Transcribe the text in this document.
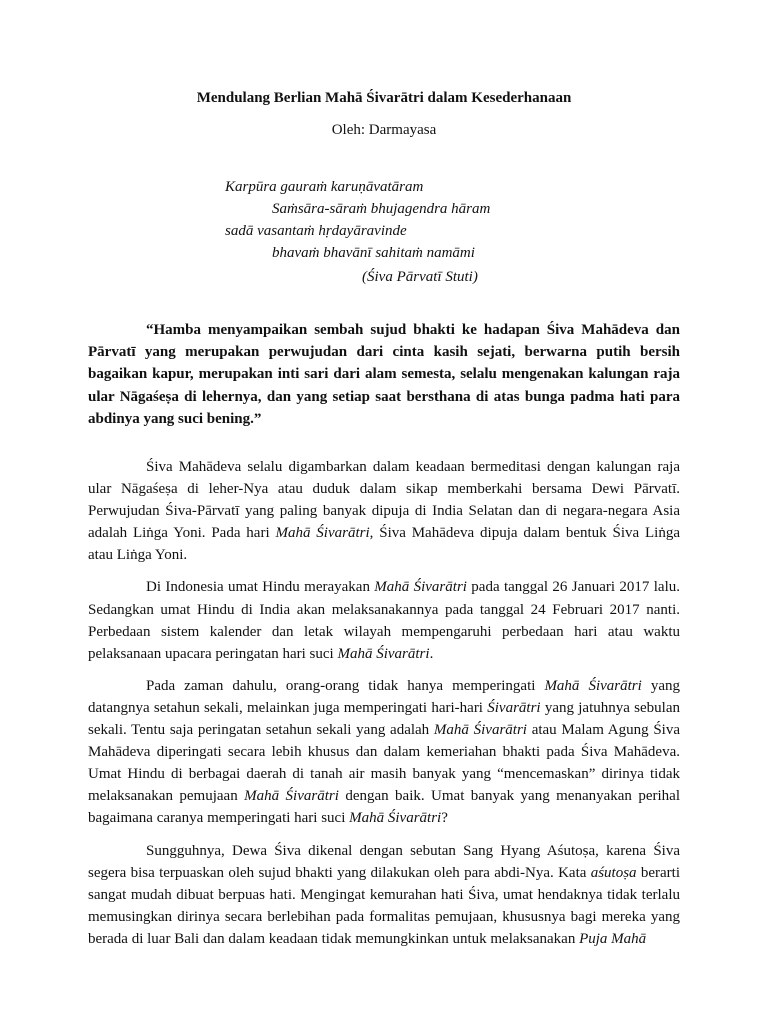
Mendulang Berlian Mahā Śivarātri dalam Kesederhanaan
Oleh: Darmayasa
Karpūra gauraṁ karuṇāvatāram
Saṁsāra-sāraṁ bhujagendra hāram
sadā vasantaṁ hṛdayāravinde
bhavaṁ bhavānī sahitaṁ namāmi
(Śiva Pārvatī Stuti)

“Hamba menyampaikan sembah sujud bhakti ke hadapan Śiva Mahādeva dan Pārvatī yang merupakan perwujudan dari cinta kasih sejati, berwarna putih bersih bagaikan kapur, merupakan inti sari dari alam semesta, selalu mengenakan kalungan raja ular Nāgaśeṣa di lehernya, dan yang setiap saat bersthana di atas bunga padma hati para abdinya yang suci bening.”

Śiva Mahādeva selalu digambarkan dalam keadaan bermeditasi dengan kalungan raja ular Nāgaśeṣa di leher-Nya atau duduk dalam sikap memberkahi bersama Dewi Pārvatī. Perwujudan Śiva-Pārvatī yang paling banyak dipuja di India Selatan dan di negara-negara Asia adalah Liṅga Yoni. Pada hari Mahā Śivarātri, Śiva Mahādeva dipuja dalam bentuk Śiva Liṅga atau Liṅga Yoni.

Di Indonesia umat Hindu merayakan Mahā Śivarātri pada tanggal 26 Januari 2017 lalu. Sedangkan umat Hindu di India akan melaksanakannya pada tanggal 24 Februari 2017 nanti. Perbedaan sistem kalender dan letak wilayah mempengaruhi perbedaan hari atau waktu pelaksanaan upacara peringatan hari suci Mahā Śivarātri.

Pada zaman dahulu, orang-orang tidak hanya memperingati Mahā Śivarātri yang datangnya setahun sekali, melainkan juga memperingati hari-hari Śivarātri yang jatuhnya sebulan sekali. Tentu saja peringatan setahun sekali yang adalah Mahā Śivarātri atau Malam Agung Śiva Mahādeva diperingati secara lebih khusus dan dalam kemeriahan bhakti pada Śiva Mahādeva. Umat Hindu di berbagai daerah di tanah air masih banyak yang “mencemaskan” dirinya tidak melaksanakan pemujaan Mahā Śivarātri dengan baik. Umat banyak yang menanyakan perihal bagaimana caranya memperingati hari suci Mahā Śivarātri?

Sungguhnya, Dewa Śiva dikenal dengan sebutan Sang Hyang Aśutoṣa, karena Śiva segera bisa terpuaskan oleh sujud bhakti yang dilakukan oleh para abdi-Nya. Kata aśutoṣa berarti sangat mudah dibuat berpuas hati. Mengingat kemurahan hati Śiva, umat hendaknya tidak terlalu memusingkan dirinya secara berlebihan pada formalitas pemujaan, khususnya bagi mereka yang berada di luar Bali dan dalam keadaan tidak memungkinkan untuk melaksanakan Puja Mahā
